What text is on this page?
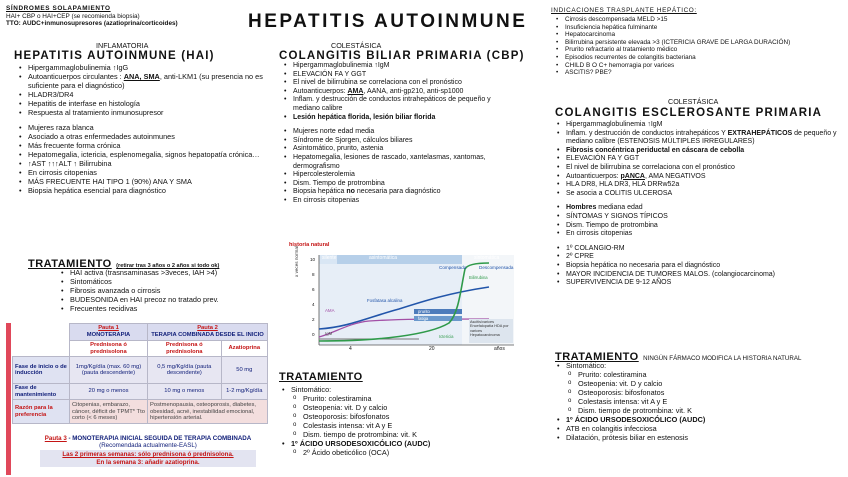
SÍNDROMES SOLAPAMIENTO
HAI+ CBP o HAI+CEP (se recomienda biopsia)
TTO: AUDC+inmunosupresores (azatioprina/corticoides)	HEPATITIS AUTOINMUNE
INFLAMATORIA
HEPATITIS AUTOINMUNE (HAI)
• Hipergammaglobulinemia ↑IgG
• Autoanticuerpos circulantes : ANA, SMA, anti-LKM1 (su presencia no es suficiente para el diagnóstico)
• HLADR3/DR4
• Hepatitis de interfase en histología
• Respuesta al tratamiento inmunosupresor
• Mujeres raza blanca
• Asociado a otras enfermedades autoinmunes
• Más frecuente forma crónica
• Hepatomegalia, ictericia, esplenomegalia, signos hepatopatía crónica…
• ↑AST ↑↑↑ALT ↑ Bilirrubina
• En cirrosis citopenias
• MÁS FRECUENTE HAI TIPO 1 (90%) ANA Y SMA
• Biopsia hepática esencial para diagnóstico
TRATAMIENTO (retirar tras 3 años o 2 años si todo ok)
• HAI activa (trasnsaminasas >3veces, IAH >4)
• Sintomáticos
• Fibrosis avanzada o cirrosis
• BUDESONIDA en HAI precoz no tratado prev.
• Frecuentes recidivas
	Pauta 1
MONOTERAPIA	Pauta 2
TERAPIA COMBINADA DESDE EL INICIO	
	Prednisona ó prednisolona	Prednisona ó prednisolona	Azatioprina
Fase de inicio o de inducción	1mg/Kg/día (max. 60 mg) (pauta descendente)	0,5 mg/Kg/día (pauta descendente)	50 mg
Fase de mantenimiento	20 mg o menos	10 mg o menos	1-2 mg/Kg/día
Razón para la preferencia	Citopenias, embarazo, cáncer, déficit de TPMT* Tto corto (< 6 meses)	Postmenopausia, osteoporosis, diabetes, obesidad, acné, inestabilidad emocional, hipertensión arterial.	
Pauta 3 - MONOTERAPIA INICIAL SEGUIDA DE TERAPIA COMBINADA
(Recomendada actualmente-EASL)
Las 2 primeras semanas: sólo prednisona ó prednisolona.
En la semana 3: añadir azatioprina.
COLESTÁSICA
COLANGITIS BILIAR PRIMARIA (CBP)
• Hipergammaglobulinemia ↑IgM
• ELEVACIÓN FA Y GGT
• El nivel de bilirrubina se correlaciona con el pronóstico
• Autoanticuerpos: AMA, AANA, anti-gp210, anti-sp1000
• Inflam. y destrucción de conductos intrahepáticos de pequeño y mediano calibre
• Lesión hepática florida, lesión biliar florida
• Mujeres norte edad media
• Síndrome de Sjorgen, cálculos biliares
• Asintomático, prurito, astenia
• Hepatomegalia, lesiones de rascado, xantelasmas, xantomas, dermografismo
• Hipercolesterolemia
• Dism. Tiempo de protrombina
• Biopsia hepática no necesaria para diagnóstico
• En cirrosis citopenias
historia natural
silente	asintomática
Compensada	Descompensada
sintomática
Fosfatasa alcalina
AMA
IgM
prurito
fatiga
Ictericia
Bilirrubina
Ascitis/varices Encefalopatía HDA por varices Hepatocarcinoma
x veces normal 10
8
6
4
2
0
4	20	años
TRATAMIENTO
• Sintomático:
o Prurito: colestiramina
o Osteopenia: vit. D y calcio
o Osteoporosis: bifosfonatos
o Colestasis intensa: vit A y E
o Dism. tiempo de protrombina: vit. K
• 1º ÁCIDO URSODESOXICÓLICO (AUDC)
o 2º Ácido obeticólico (OCA)
INDICACIONES TRASPLANTE HEPÁTICO:
• Cirrosis descompensada MELD >15
• Insuficiencia hepática fulminante
• Hepatocarcinoma
• Bilirrubina persistente elevada >3 (ICTERICIA GRAVE DE LARGA DURACIÓN)
• Prurito refractario al tratamiento médico
• Episodios recurrentes de colangitis bacteriana
• CHILD B O C+ hemorragia por varices
• ASCITIS? PBE?
COLESTÁSICA
COLANGITIS ESCLEROSANTE PRIMARIA
• Hipergammaglobulinemia ↑IgM
• Inflam. y destrucción de conductos intrahepáticos Y EXTRAHEPÁTICOS de pequeño y mediano calibre (ESTENOSIS MÚLTIPLES IRREGULARES)
• Fibrosis concéntrica periductal en cáscara de cebolla
• ELEVACIÓN FA Y GGT
• El nivel de bilirrubina se correlaciona con el pronóstico
• Autoanticuerpos: pANCA, AMA NEGATIVOS
• HLA DR8, HLA DR3, HLA DRRw52a
• Se asocia a COLITIS ULCEROSA
• Hombres mediana edad
• SÍNTOMAS Y SIGNOS TÍPICOS
• Dism. Tiempo de protrombina
• En cirrosis citopenias
• 1º COLANGIO-RM
• 2º CPRE
• Biopsia hepática no necesaria para el diagnóstico
• MAYOR INCIDENCIA DE TUMORES MALOS. (colangiocarcinoma)
• SUPERVIVENCIA DE 9-12 AÑOS
TRATAMIENTO NINGÚN FÁRMACO MODIFICA LA HISTORIA NATURAL
• Sintomático:
o Prurito: colestiramina
o Osteopenia: vit. D y calcio
o Osteoporosis: bifosfonatos
o Colestasis intensa: vit A y E
o Dism. tiempo de protrombina: vit. K
• 1º ÁCIDO URSODESOXICÓLICO (AUDC)
• ATB en colangitis infecciosa
• Dilatación, prótesis biliar en estenosis
